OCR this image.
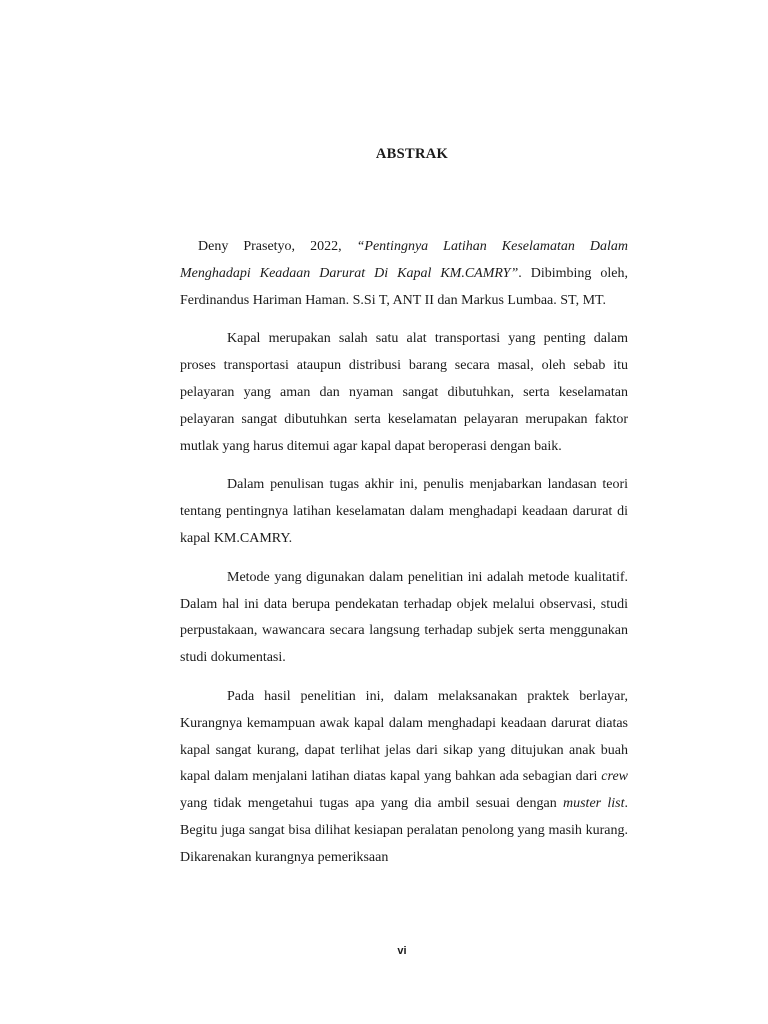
ABSTRAK

Deny Prasetyo, 2022, “Pentingnya Latihan Keselamatan Dalam Menghadapi Keadaan Darurat Di Kapal KM.CAMRY”. Dibimbing oleh, Ferdinandus Hariman Haman. S.Si T, ANT II dan Markus Lumbaa. ST, MT.

Kapal merupakan salah satu alat transportasi yang penting dalam proses transportasi ataupun distribusi barang secara masal, oleh sebab itu pelayaran yang aman dan nyaman sangat dibutuhkan, serta keselamatan pelayaran sangat dibutuhkan serta keselamatan pelayaran merupakan faktor mutlak yang harus ditemui agar kapal dapat beroperasi dengan baik.

Dalam penulisan tugas akhir ini, penulis menjabarkan landasan teori tentang pentingnya latihan keselamatan dalam menghadapi keadaan darurat di kapal KM.CAMRY.

Metode yang digunakan dalam penelitian ini adalah metode kualitatif. Dalam hal ini data berupa pendekatan terhadap objek melalui observasi, studi perpustakaan, wawancara secara langsung terhadap subjek serta menggunakan studi dokumentasi.

Pada hasil penelitian ini, dalam melaksanakan praktek berlayar, Kurangnya kemampuan awak kapal dalam menghadapi keadaan darurat diatas kapal sangat kurang, dapat terlihat jelas dari sikap yang ditujukan anak buah kapal dalam menjalani latihan diatas kapal yang bahkan ada sebagian dari crew yang tidak mengetahui tugas apa yang dia ambil sesuai dengan muster list. Begitu juga sangat bisa dilihat kesiapan peralatan penolong yang masih kurang. Dikarenakan kurangnya pemeriksaan

vi
